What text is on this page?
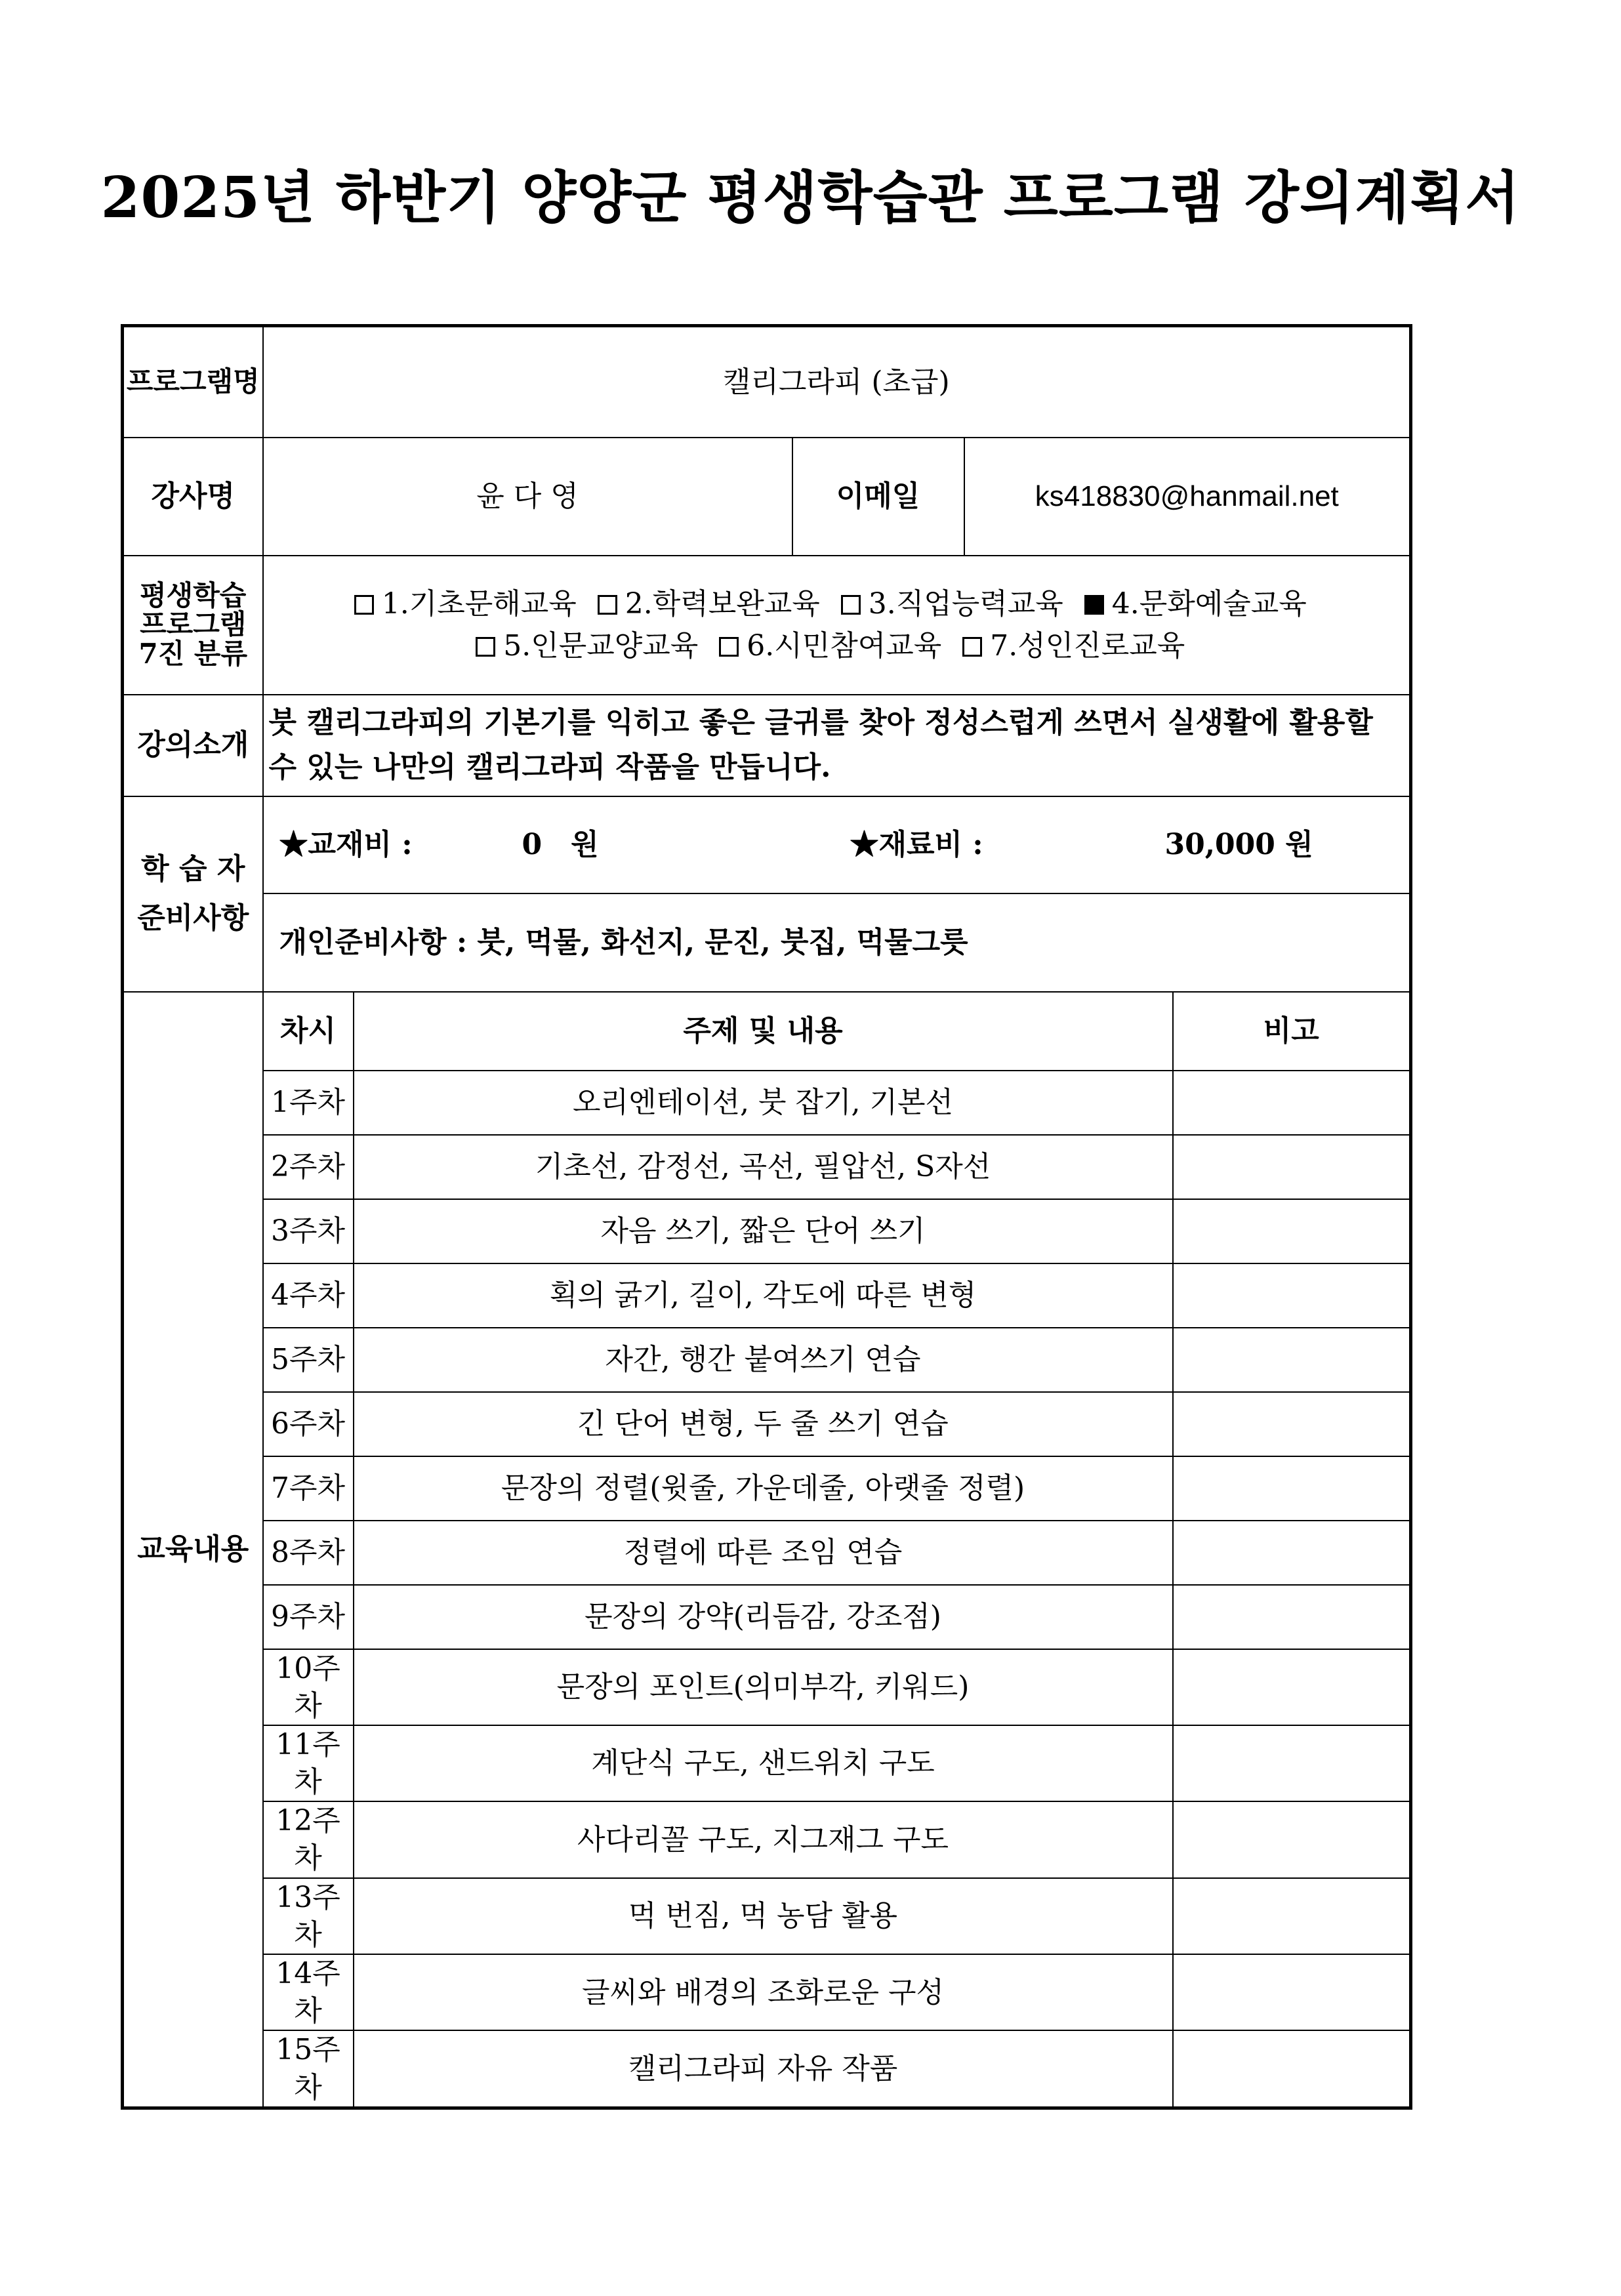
2025년 하반기 양양군 평생학습관 프로그램 강의계획서
프로그램명	캘리그라피 (초급)				
강사명	윤 다 영		이메일	ks418830@hanmail.net	

평생학습
프로그램
7진 분류	1.기초문해교육 2.학력보완교육 3.직업능력교육 4.문화예술교육
5.인문교양교육 6.시민참여교육 7.성인진로교육				

강의소개	붓 캘리그라피의 기본기를 익히고 좋은 글귀를 찾아 정성스럽게 쓰면서 실생활에 활용할 수 있는 나만의 캘리그라피 작품을 만듭니다.				

학 습 자
준비사항	★교재비 : 0　원 ★재료비 : 30,000 원				

	개인준비사항 : 붓, 먹물, 화선지, 문진, 붓집, 먹물그릇				
교육내용	차시	주제 및 내용			비고
	1주차	오리엔테이션, 붓 잡기, 기본선			
	2주차	기초선, 감정선, 곡선, 필압선, S자선			
	3주차	자음 쓰기, 짧은 단어 쓰기			
	4주차	획의 굵기, 길이, 각도에 따른 변형			
	5주차	자간, 행간 붙여쓰기 연습			
	6주차	긴 단어 변형, 두 줄 쓰기 연습			
	7주차	문장의 정렬(윗줄, 가운데줄, 아랫줄 정렬)			
	8주차	정렬에 따른 조임 연습			
	9주차	문장의 강약(리듬감, 강조점)			
	10주차	문장의 포인트(의미부각, 키워드)			
	11주차	계단식 구도, 샌드위치 구도			
	12주차	사다리꼴 구도, 지그재그 구도			
	13주차	먹 번짐, 먹 농담 활용			
	14주차	글씨와 배경의 조화로운 구성			
	15주차	캘리그라피 자유 작품			
